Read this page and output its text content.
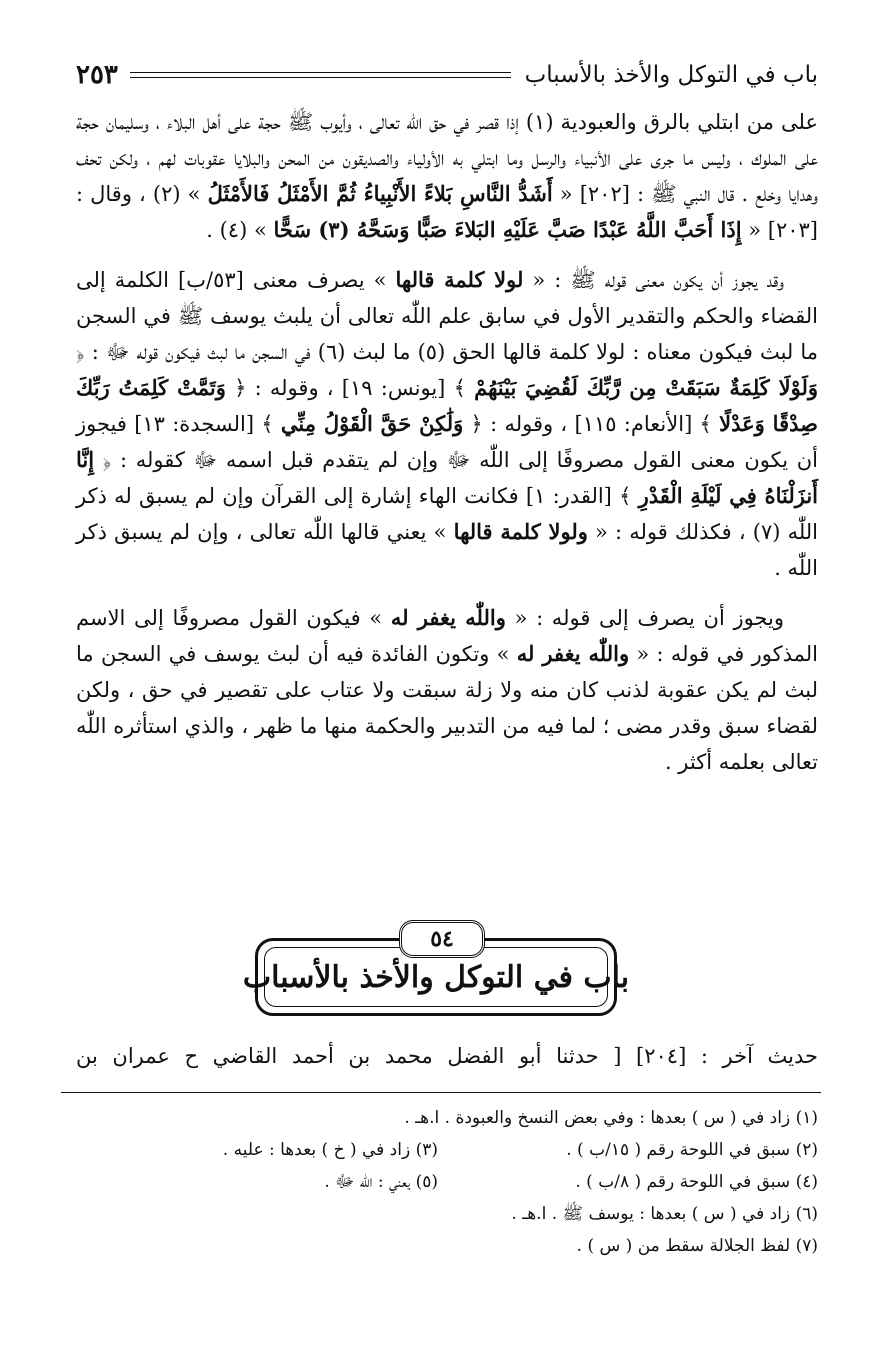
باب في التوكل والأخذ بالأسباب
٢٥٣

على من ابتلي بالرق والعبودية (١) إذا قصر في حق اللّٰه تعالى ، وأيوب ﷺ حجة على أهل البلاء ، وسليمان حجة على الملوك ، وليس ما جرى على الأنبياء والرسل وما ابتلي به الأولياء والصديقون من المحن والبلايا عقوبات لهم ، ولكن تحف وهدايا وخلع . قال النبي ﷺ : [٢٠٢] « أَشَدُّ النَّاسِ بَلاءً الأَنْبِياءُ ثُمَّ الأَمْثَلُ فَالأَمْثَلُ » (٢) ، وقال : [٢٠٣] « إِذَا أَحَبَّ اللَّهُ عَبْدًا صَبَّ عَلَيْهِ البَلاءَ صَبًّا وَسَحَّهُ (٣) سَحًّا » (٤) .

وقد يجوز أن يكون معنى قوله ﷺ : « لولا كلمة قالها » يصرف معنى [٥٣/ب] الكلمة إلى القضاء والحكم والتقدير الأول في سابق علم اللّٰه تعالى أن يلبث يوسف ﷺ في السجن ما لبث فيكون معناه : لولا كلمة قالها الحق (٥) ما لبث (٦) في السجن ما لبث فيكون قوله ﷻ : ﴿ وَلَوْلَا كَلِمَةٌ سَبَقَتْ مِن رَّبِّكَ لَقُضِيَ بَيْنَهُمْ ﴾ [يونس: ١٩] ، وقوله : ﴿ وَتَمَّتْ كَلِمَتُ رَبِّكَ صِدْقًا وَعَدْلًا ﴾ [الأنعام: ١١٥] ، وقوله : ﴿ وَلَٰكِنْ حَقَّ الْقَوْلُ مِنِّي ﴾ [السجدة: ١٣] فيجوز أن يكون معنى القول مصروفًا إلى اللّٰه ﷻ وإن لم يتقدم قبل اسمه ﷻ كقوله : ﴿ إِنَّا أَنزَلْنَاهُ فِي لَيْلَةِ الْقَدْرِ ﴾ [القدر: ١] فكانت الهاء إشارة إلى القرآن وإن لم يسبق له ذكر اللّٰه (٧) ، فكذلك قوله : « ولولا كلمة قالها » يعني قالها اللّٰه تعالى ، وإن لم يسبق ذكر اللّٰه .

ويجوز أن يصرف إلى قوله : « واللّٰه يغفر له » فيكون القول مصروفًا إلى الاسم المذكور في قوله : « واللّٰه يغفر له » وتكون الفائدة فيه أن لبث يوسف في السجن ما لبث لم يكن عقوبة لذنب كان منه ولا زلة سبقت ولا عتاب على تقصير في حق ، ولكن لقضاء سبق وقدر مضى ؛ لما فيه من التدبير والحكمة منها ما ظهر ، والذي استأثره اللّٰه تعالى بعلمه أكثر .

٥٤
باب في التوكل والأخذ بالأسباب
حديث آخر : [٢٠٤] [ حدثنا أبو الفضل محمد بن أحمد القاضي ح عمران بن
(١) زاد في ( س ) بعدها : وفي بعض النسخ والعبودة . ا.هـ .
(٢) سبق في اللوحة رقم ( ١٥/ب ) .
(٣) زاد في ( خ ) بعدها : عليه .
(٤) سبق في اللوحة رقم ( ٨/ب ) .
(٥) يعني : اللّٰه ﷻ .
(٦) زاد في ( س ) بعدها : يوسف ﷺ . ا.هـ .
(٧) لفظ الجلالة سقط من ( س ) .
